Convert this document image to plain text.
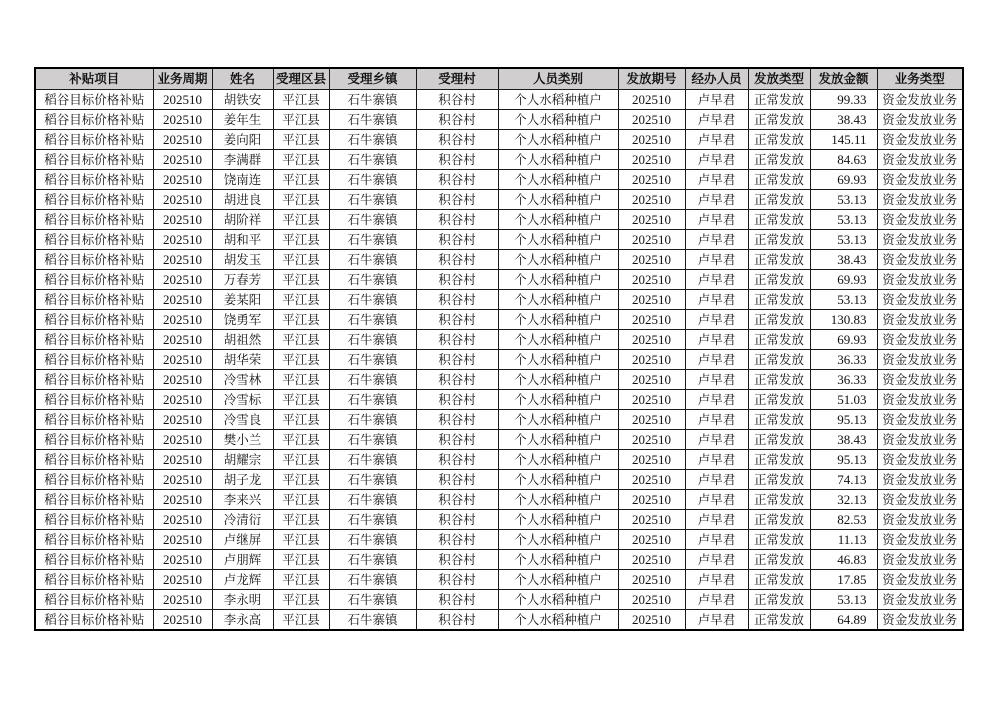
补贴项目	业务周期	姓名	受理区县	受理乡镇	受理村	人员类别	发放期号	经办人员	发放类型	发放金额	业务类型
稻谷目标价格补贴	202510	胡铁安	平江县	石牛寨镇	积谷村	个人水稻种植户	202510	卢早君	正常发放	99.33	资金发放业务
稻谷目标价格补贴	202510	姜年生	平江县	石牛寨镇	积谷村	个人水稻种植户	202510	卢早君	正常发放	38.43	资金发放业务
稻谷目标价格补贴	202510	姜向阳	平江县	石牛寨镇	积谷村	个人水稻种植户	202510	卢早君	正常发放	145.11	资金发放业务
稻谷目标价格补贴	202510	李满群	平江县	石牛寨镇	积谷村	个人水稻种植户	202510	卢早君	正常发放	84.63	资金发放业务
稻谷目标价格补贴	202510	饶南连	平江县	石牛寨镇	积谷村	个人水稻种植户	202510	卢早君	正常发放	69.93	资金发放业务
稻谷目标价格补贴	202510	胡进良	平江县	石牛寨镇	积谷村	个人水稻种植户	202510	卢早君	正常发放	53.13	资金发放业务
稻谷目标价格补贴	202510	胡阶祥	平江县	石牛寨镇	积谷村	个人水稻种植户	202510	卢早君	正常发放	53.13	资金发放业务
稻谷目标价格补贴	202510	胡和平	平江县	石牛寨镇	积谷村	个人水稻种植户	202510	卢早君	正常发放	53.13	资金发放业务
稻谷目标价格补贴	202510	胡发玉	平江县	石牛寨镇	积谷村	个人水稻种植户	202510	卢早君	正常发放	38.43	资金发放业务
稻谷目标价格补贴	202510	万春芳	平江县	石牛寨镇	积谷村	个人水稻种植户	202510	卢早君	正常发放	69.93	资金发放业务
稻谷目标价格补贴	202510	姜某阳	平江县	石牛寨镇	积谷村	个人水稻种植户	202510	卢早君	正常发放	53.13	资金发放业务
稻谷目标价格补贴	202510	饶勇军	平江县	石牛寨镇	积谷村	个人水稻种植户	202510	卢早君	正常发放	130.83	资金发放业务
稻谷目标价格补贴	202510	胡祖然	平江县	石牛寨镇	积谷村	个人水稻种植户	202510	卢早君	正常发放	69.93	资金发放业务
稻谷目标价格补贴	202510	胡华荣	平江县	石牛寨镇	积谷村	个人水稻种植户	202510	卢早君	正常发放	36.33	资金发放业务
稻谷目标价格补贴	202510	冷雪林	平江县	石牛寨镇	积谷村	个人水稻种植户	202510	卢早君	正常发放	36.33	资金发放业务
稻谷目标价格补贴	202510	冷雪标	平江县	石牛寨镇	积谷村	个人水稻种植户	202510	卢早君	正常发放	51.03	资金发放业务
稻谷目标价格补贴	202510	冷雪良	平江县	石牛寨镇	积谷村	个人水稻种植户	202510	卢早君	正常发放	95.13	资金发放业务
稻谷目标价格补贴	202510	樊小兰	平江县	石牛寨镇	积谷村	个人水稻种植户	202510	卢早君	正常发放	38.43	资金发放业务
稻谷目标价格补贴	202510	胡耀宗	平江县	石牛寨镇	积谷村	个人水稻种植户	202510	卢早君	正常发放	95.13	资金发放业务
稻谷目标价格补贴	202510	胡子龙	平江县	石牛寨镇	积谷村	个人水稻种植户	202510	卢早君	正常发放	74.13	资金发放业务
稻谷目标价格补贴	202510	李来兴	平江县	石牛寨镇	积谷村	个人水稻种植户	202510	卢早君	正常发放	32.13	资金发放业务
稻谷目标价格补贴	202510	冷清衍	平江县	石牛寨镇	积谷村	个人水稻种植户	202510	卢早君	正常发放	82.53	资金发放业务
稻谷目标价格补贴	202510	卢继屏	平江县	石牛寨镇	积谷村	个人水稻种植户	202510	卢早君	正常发放	11.13	资金发放业务
稻谷目标价格补贴	202510	卢朋辉	平江县	石牛寨镇	积谷村	个人水稻种植户	202510	卢早君	正常发放	46.83	资金发放业务
稻谷目标价格补贴	202510	卢龙辉	平江县	石牛寨镇	积谷村	个人水稻种植户	202510	卢早君	正常发放	17.85	资金发放业务
稻谷目标价格补贴	202510	李永明	平江县	石牛寨镇	积谷村	个人水稻种植户	202510	卢早君	正常发放	53.13	资金发放业务
稻谷目标价格补贴	202510	李永高	平江县	石牛寨镇	积谷村	个人水稻种植户	202510	卢早君	正常发放	64.89	资金发放业务
